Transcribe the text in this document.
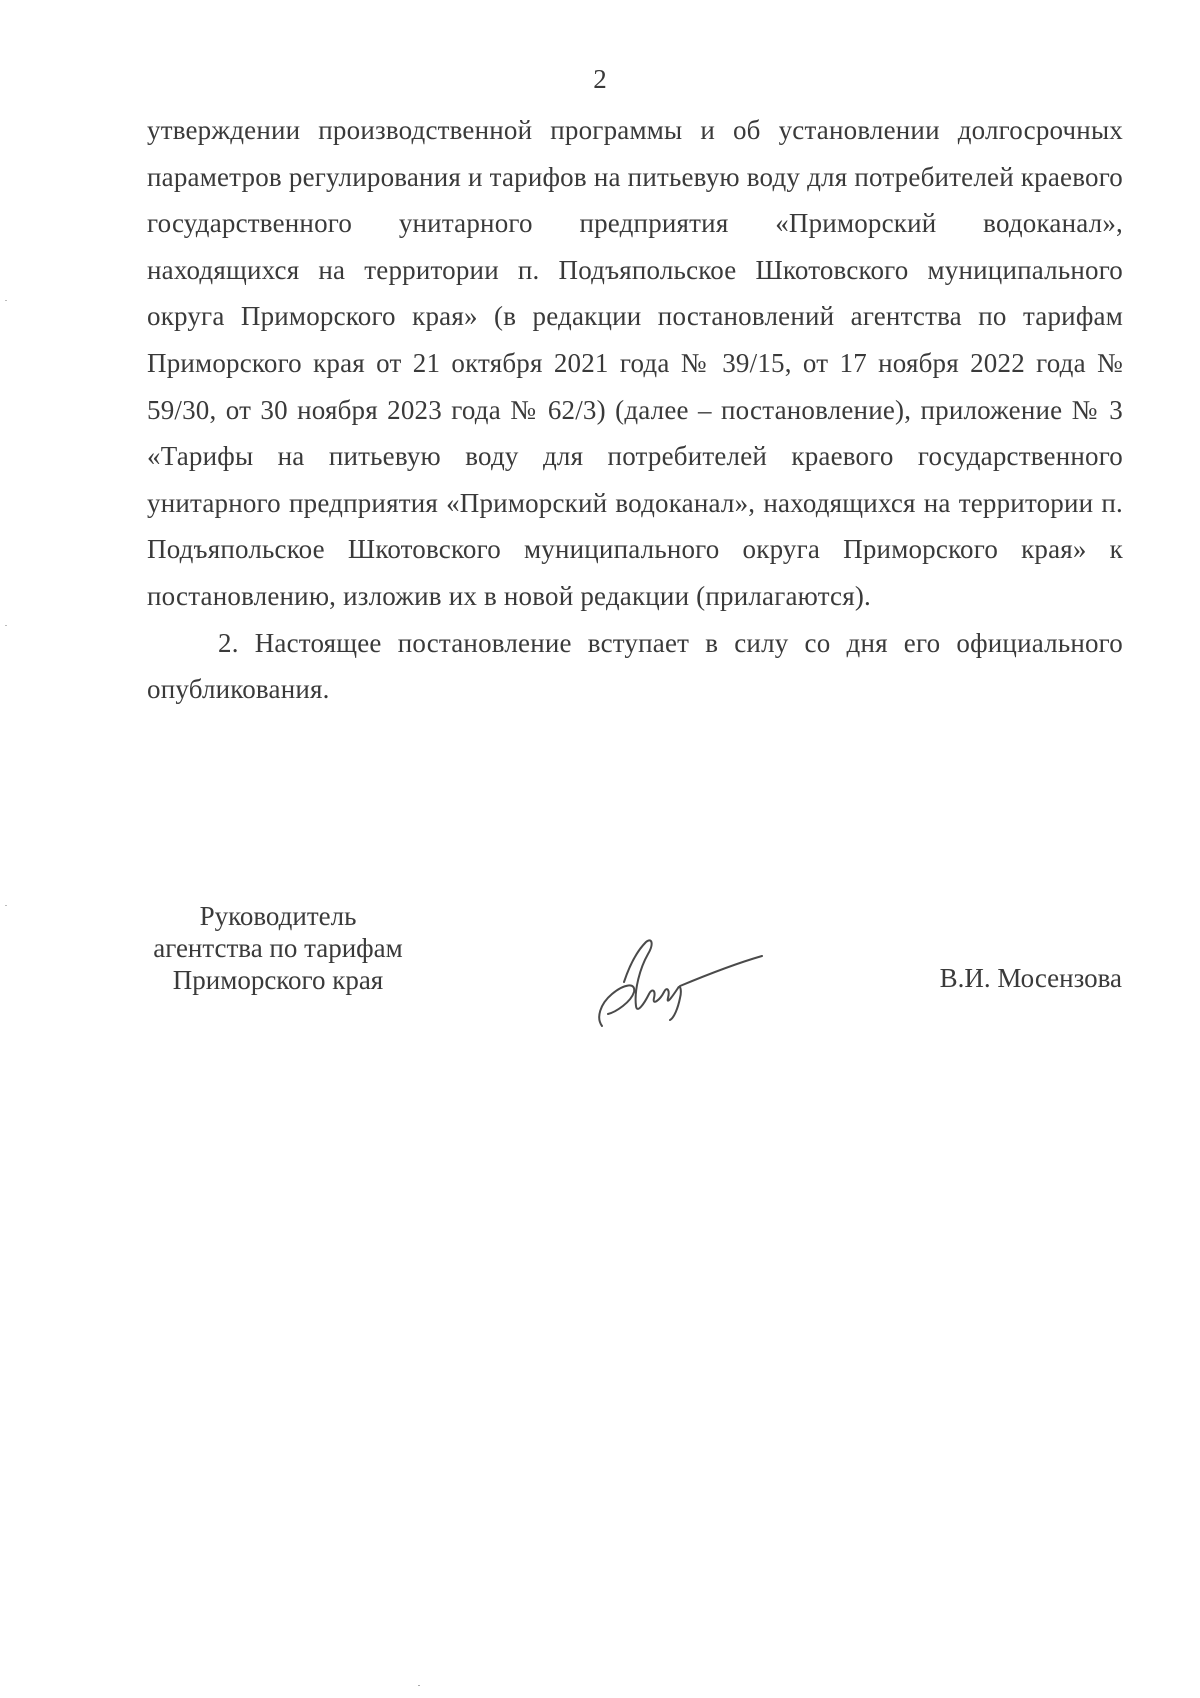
2

утверждении производственной программы и об установлении долгосрочных параметров регулирования и тарифов на питьевую воду для потребителей краевого государственного унитарного предприятия «Приморский водоканал», находящихся на территории п. Подъяпольское Шкотовского муниципального округа Приморского края» (в редакции постановлений агентства по тарифам Приморского края от 21 октября 2021 года № 39/15, от 17 ноября 2022 года № 59/30, от 30 ноября 2023 года № 62/3) (далее – постановление), приложение № 3 «Тарифы на питьевую воду для потребителей краевого государственного унитарного предприятия «Приморский водоканал», находящихся на территории п. Подъяпольское Шкотовского муниципального округа Приморского края» к постановлению, изложив их в новой редакции (прилагаются).

2. Настоящее постановление вступает в силу со дня его официального опубликования.

Руководитель
агентства по тарифам
Приморского края	В.И. Мосензова
